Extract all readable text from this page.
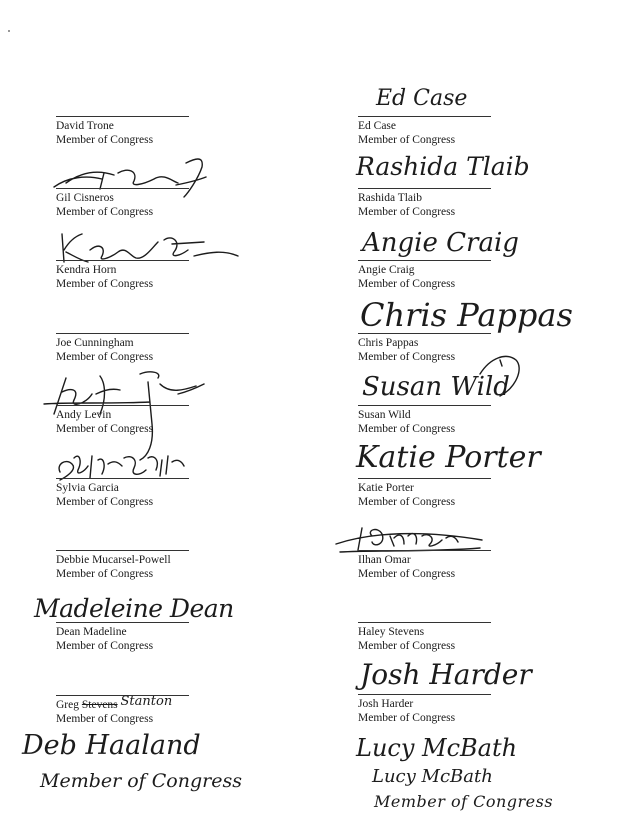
David Trone
Member of Congress
Gil Cisneros
Member of Congress
Kendra Horn
Member of Congress
Joe Cunningham
Member of Congress
Andy Levin
Member of Congress
Sylvia Garcia
Member of Congress
Debbie Mucarsel-Powell
Member of Congress
Madeleine Dean
Dean Madeline
Member of Congress
Greg Stevens Stanton
Member of Congress
Deb Haaland
Member of Congress
Ed Case
Ed Case
Member of Congress
Rashida Tlaib
Rashida Tlaib
Member of Congress
Angie Craig
Angie Craig
Member of Congress
Chris Pappas
Chris Pappas
Member of Congress
Susan Wild
Susan Wild
Member of Congress
Katie Porter
Katie Porter
Member of Congress
Ilhan Omar
Member of Congress
Haley Stevens
Member of Congress
Josh Harder
Josh Harder
Member of Congress
Lucy McBath
Lucy McBath
Member of Congress
